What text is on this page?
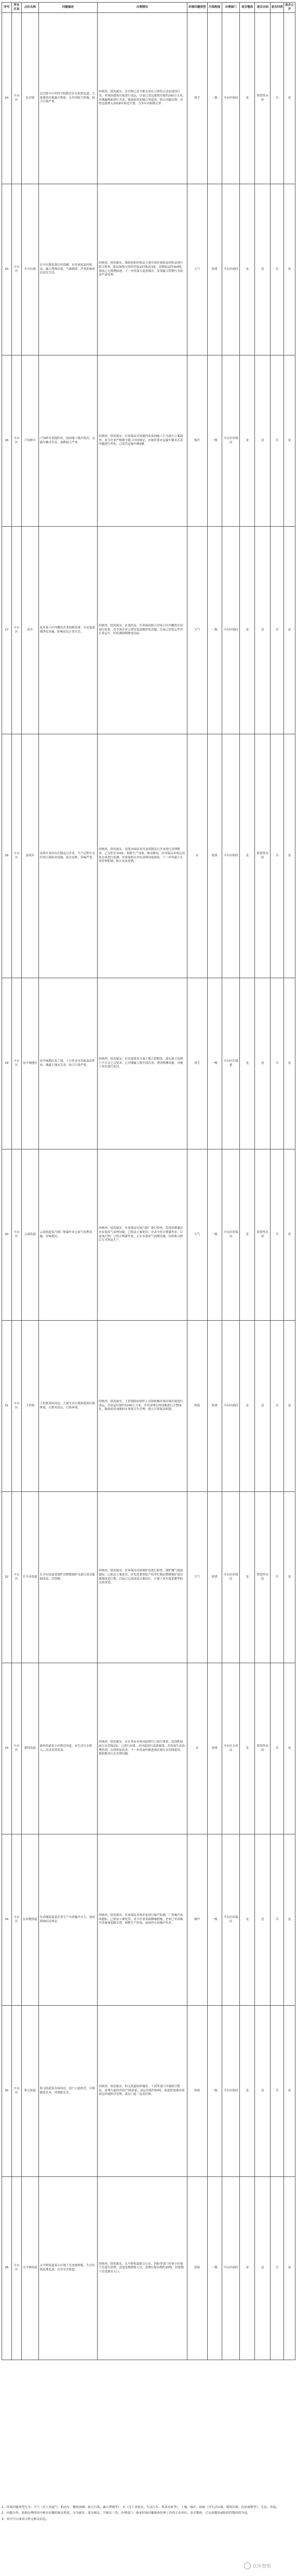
序号	所在区县	点位名称	问题描述	办理情况	环境问题类型	污染程度	办理部门	是否整改	是否办结	是否问责	是否公开
24	丰台区	北宫镇	北宫镇辛庄村四号院附近存在私搭乱建，大量建筑垃圾露天堆放，无任何防尘措施，扬尘污染严重。	经核查，情况属实。北宫镇已责令相关单位立即停止违法建设行为，对现场建筑垃圾进行清运，目前已清运建筑垃圾约200立方米，对裸露地面进行苫盖。镇政府将加强日常巡查，防止问题反弹，并将违建纳入2018年拆违计划，力争年内拆除完毕。	扬尘	一般	丰台区政府	是	阶段性办结	否	是
25	丰台区	长辛店镇	长辛店镇张郭庄村西侧，有多家废品回收站，露天焚烧垃圾，气味刺鼻，严重影响周边居民生活。	经核查，情况属实。镇政府组织执法力量对该区域废品回收站进行联合检查，依法取缔无照经营废品回收站3家，清理废品约300吨，现场已无焚烧痕迹。下一步将加大巡查频次，发现露天焚烧行为依法严肃处理。	大气	较重	丰台区政府	是	是	否	是
26	丰台区	卢沟桥乡	卢沟桥乡某搅拌站，夜间施工噪声扰民，运输车辆未苫盖，道路扬尘严重。	经核查，情况属实。区环保局对该搅拌站夜间施工行为进行立案调查，责令企业严格遵守施工时间规定。区城管委对运输车辆未苫盖问题进行查处，已处罚运输车辆5辆。	噪声	一般	丰台区环保局	是	是	否	是
27	丰台区	花乡	花乡某小区内餐饮企业油烟直排，未安装油烟净化设施，影响居民正常生活。	经核查，情况属实。区食药局、区环保局联合对该小区内餐饮企业进行检查，责令该企业立即安装油烟净化设施，目前已安装完毕并正常运行，经监测油烟排放达标。	大气	一般	丰台区政府	是	是	否	是
28	丰台区	南苑乡	南苑乡某村存在散乱污企业，生产过程中无任何污染防治设施，废水直排，异味严重。	经核查，情况属实。南苑乡政府对涉及的散乱污企业进行清理整治，已关停企业4家，拆除生产设备，断水断电。区环保局对周边沟渠水质进行监测，并督促相关单位清理沟渠淤泥。下一步将建立长效管理机制，防止死灰复燃。	水	较重	丰台区政府	是	阶段性办结	否	是
29	丰台区	宛平城地区	宛平城地区某工地，土方作业未采取湿法作业，裸露土地未苫盖，扬尘污染严重。	经核查，情况属实。区住建委责令该工地立即整改，落实扬尘治理六个百分之百要求，已对裸露土地全部苫盖，增设喷淋设施，对施工单位进行处罚。	扬尘	一般	丰台区住建委	是	是	否	是
30	丰台区	云岗街道	云岗街道某汽修厂喷漆作业无废气处理设施，异味扰民。	经核查，情况属实。区环保局对该汽修厂进行检查，发现其喷漆房未安装废气治理设施，已依法立案处罚，并责令停止喷漆作业。目前该汽修厂已停止喷漆作业，正在安装废气治理设施，待验收合格后方可恢复生产。	大气	一般	丰台区环保局	是	阶段性办结	否	是
31	丰台区	王佐镇	王佐镇某村周边，大量生活垃圾和建筑垃圾堆放，长期未清运，污染环境。	经核查，情况属实。王佐镇政府组织人员和机械对该区域垃圾进行清运，共清运垃圾约1200立方米，并对清理后的场地进行平整绿化。镇政府将加强村庄环境卫生管理，建立日常保洁机制。	固废	较重	丰台区政府	是	是	否	是
32	丰台区	长辛店街道	长辛店街道某锅炉房燃煤锅炉未进行清洁能源改造，冒黑烟。	经核查，情况属实。区环保局对该锅炉房进行检查，锅炉烟气排放超标，已依法立案处罚。区发改委督促产权单位制定燃煤锅炉清洁能源改造计划，目前已完成改造方案设计，计划于本年度采暖季前完成改造。	大气	较重	丰台区环保局	是	阶段性办结	否	是
33	丰台区	新村街道	新村街道某小区附近河道，有生活污水排入，河水发黑发臭。	经核查，情况属实。区水务局对该河道排污口进行排查，发现私接雨污水管线2处，已进行封堵。对河道进行清淤疏浚，并投放生态治理药剂，水质明显改善。下一步将加快推进该区域污水管网建设，彻底解决污水直排问题。	水	较重	丰台区水务局	是	阶段性办结	否	是
34	丰台区	东高地街道	东高地街道某企业生产车间噪声过大，夜间影响居民休息。	经核查，情况属实。区环保局对该企业进行噪声监测，厂界噪声夜间超标，已依法立案处罚，责令企业采取降噪措施。企业已对高噪声设备加装隔音罩，调整生产时间，夜间停止高噪声作业。	噪声	一般	丰台区环保局	是	是	否	是
35	丰台区	和义街道	和义街道某市场周边，商户占道经营，垃圾随意丢弃，环境脏乱差。	经核查，情况属实。和义街道组织城管、工商等部门开展联合整治，清理占道经营商户30余家，清运垃圾约50吨。街道将加强市场周边环境秩序管理，落实门前三包责任制。	固废	一般	丰台区政府	是	是	否	是
36	丰台区	太平桥街道	太平桥街道某小区地下室违规群租，生活垃圾乱堆乱放，存在安全隐患。	经核查，情况属实。太平桥街道联合公安、消防等部门对该小区地下室进行清理，清退违规群租人员，清理垃圾杂物约20吨，封堵地下室违规出入口。	固废	一般	丰台区政府	是	是	否	是

1．环境问题类型分为：大气（含工业废气、机动车、餐饮油烟、扬尘污染、露天焚烧等）、水（含工业废水、生活污水、黑臭水体等）、土壤、噪声、固废（含生活垃圾、建筑垃圾、危险废物等）、生态、其他。

2．问题分类：依据办理情况中核实问题的属实程度，分为属实、部分属实、不属实三类。办理部门：指承担该问题调查处理工作的主办单位。是否整改：已完成整改或阶段性整改的为是。

3．表中空白项表示暂无相关信息。

京环督察
